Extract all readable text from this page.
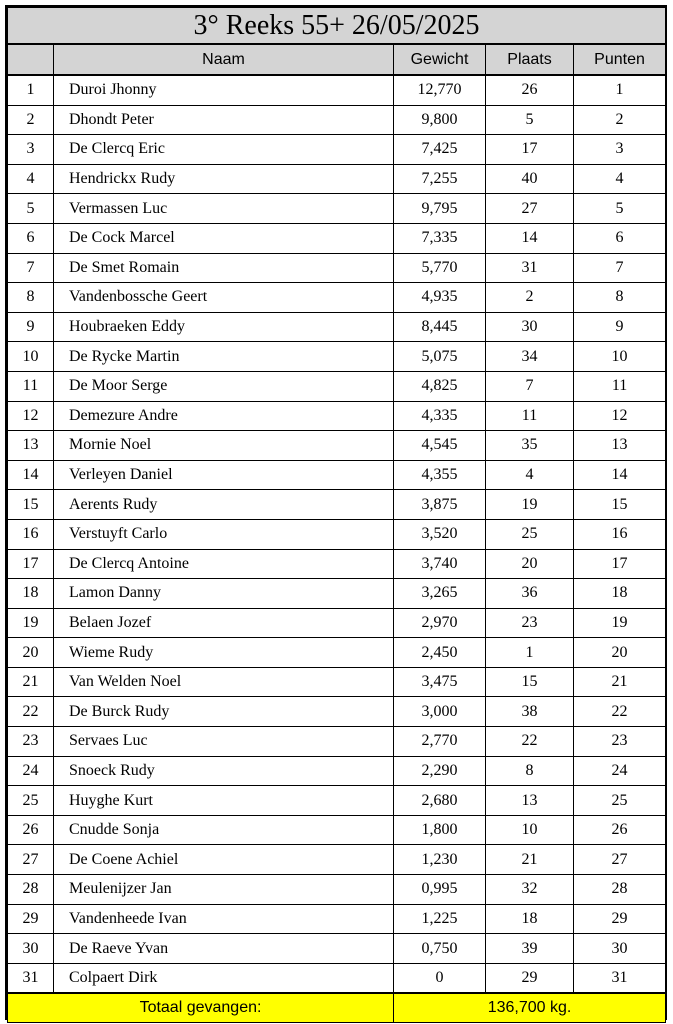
3° Reeks 55+ 26/05/2025				
	Naam	Gewicht	Plaats	Punten
1	Duroi Jhonny	12,770	26	1
2	Dhondt Peter	9,800	5	2
3	De Clercq Eric	7,425	17	3
4	Hendrickx Rudy	7,255	40	4
5	Vermassen Luc	9,795	27	5
6	De Cock Marcel	7,335	14	6
7	De Smet Romain	5,770	31	7
8	Vandenbossche Geert	4,935	2	8
9	Houbraeken Eddy	8,445	30	9
10	De Rycke Martin	5,075	34	10
11	De Moor Serge	4,825	7	11
12	Demezure Andre	4,335	11	12
13	Mornie Noel	4,545	35	13
14	Verleyen Daniel	4,355	4	14
15	Aerents Rudy	3,875	19	15
16	Verstuyft Carlo	3,520	25	16
17	De Clercq Antoine	3,740	20	17
18	Lamon Danny	3,265	36	18
19	Belaen Jozef	2,970	23	19
20	Wieme Rudy	2,450	1	20
21	Van Welden Noel	3,475	15	21
22	De Burck Rudy	3,000	38	22
23	Servaes Luc	2,770	22	23
24	Snoeck Rudy	2,290	8	24
25	Huyghe Kurt	2,680	13	25
26	Cnudde Sonja	1,800	10	26
27	De Coene Achiel	1,230	21	27
28	Meulenijzer Jan	0,995	32	28
29	Vandenheede Ivan	1,225	18	29
30	De Raeve Yvan	0,750	39	30
31	Colpaert Dirk	0	29	31
Totaal gevangen:		136,700 kg.		
